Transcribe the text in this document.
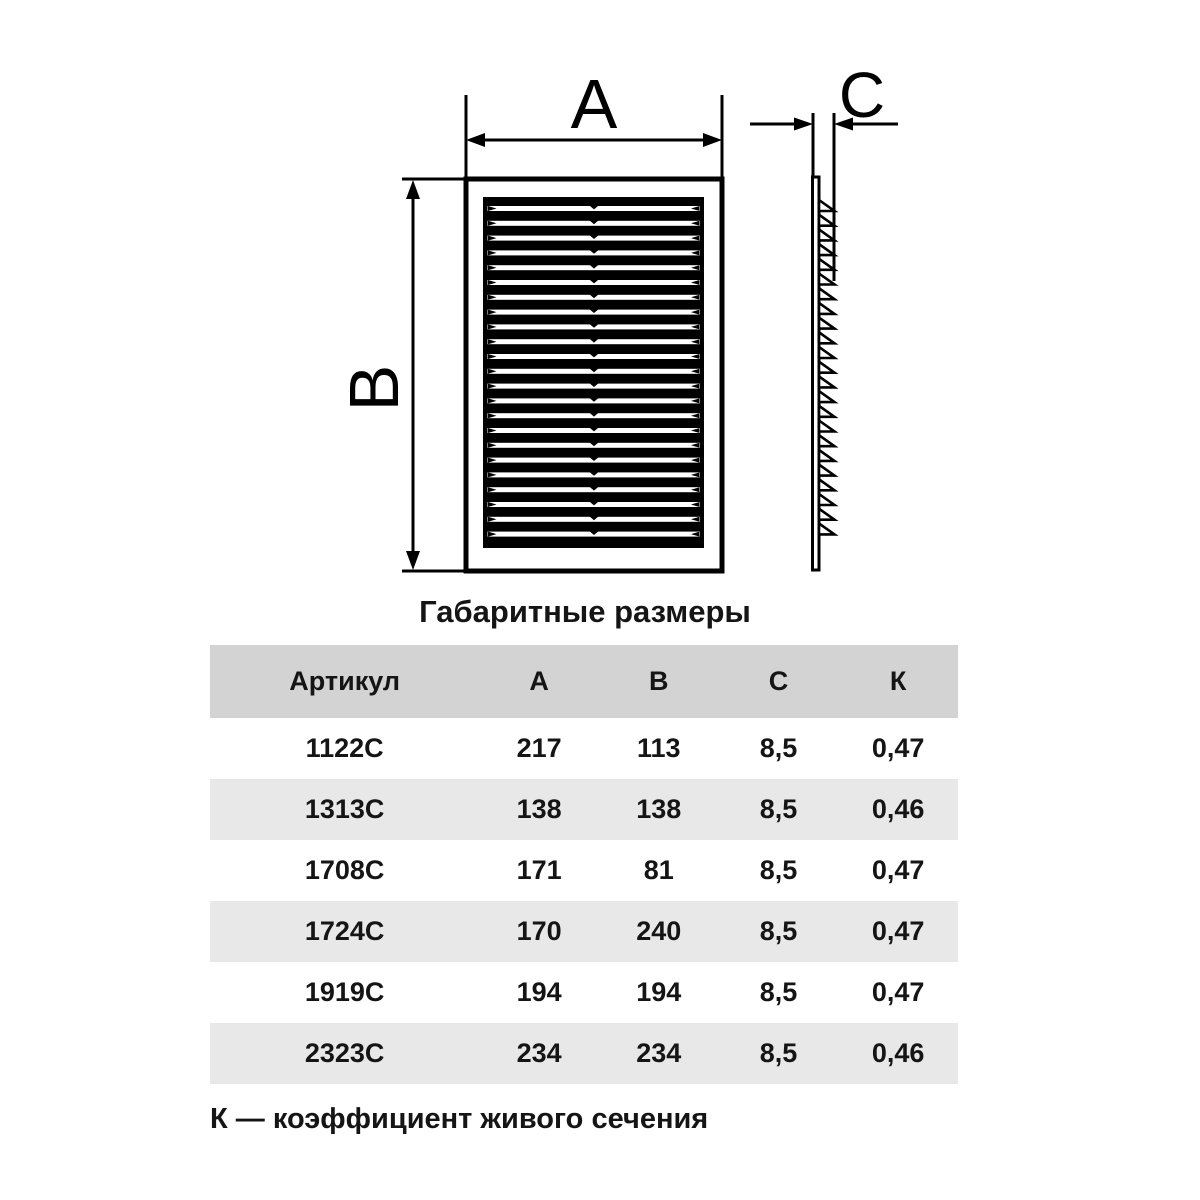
A
B
C
Габаритные размеры
Артикул	A	B	C	К
1122С	217	113	8,5	0,47
1313С	138	138	8,5	0,46
1708С	171	81	8,5	0,47
1724С	170	240	8,5	0,47
1919С	194	194	8,5	0,47
2323С	234	234	8,5	0,46
К — коэффициент живого сечения
